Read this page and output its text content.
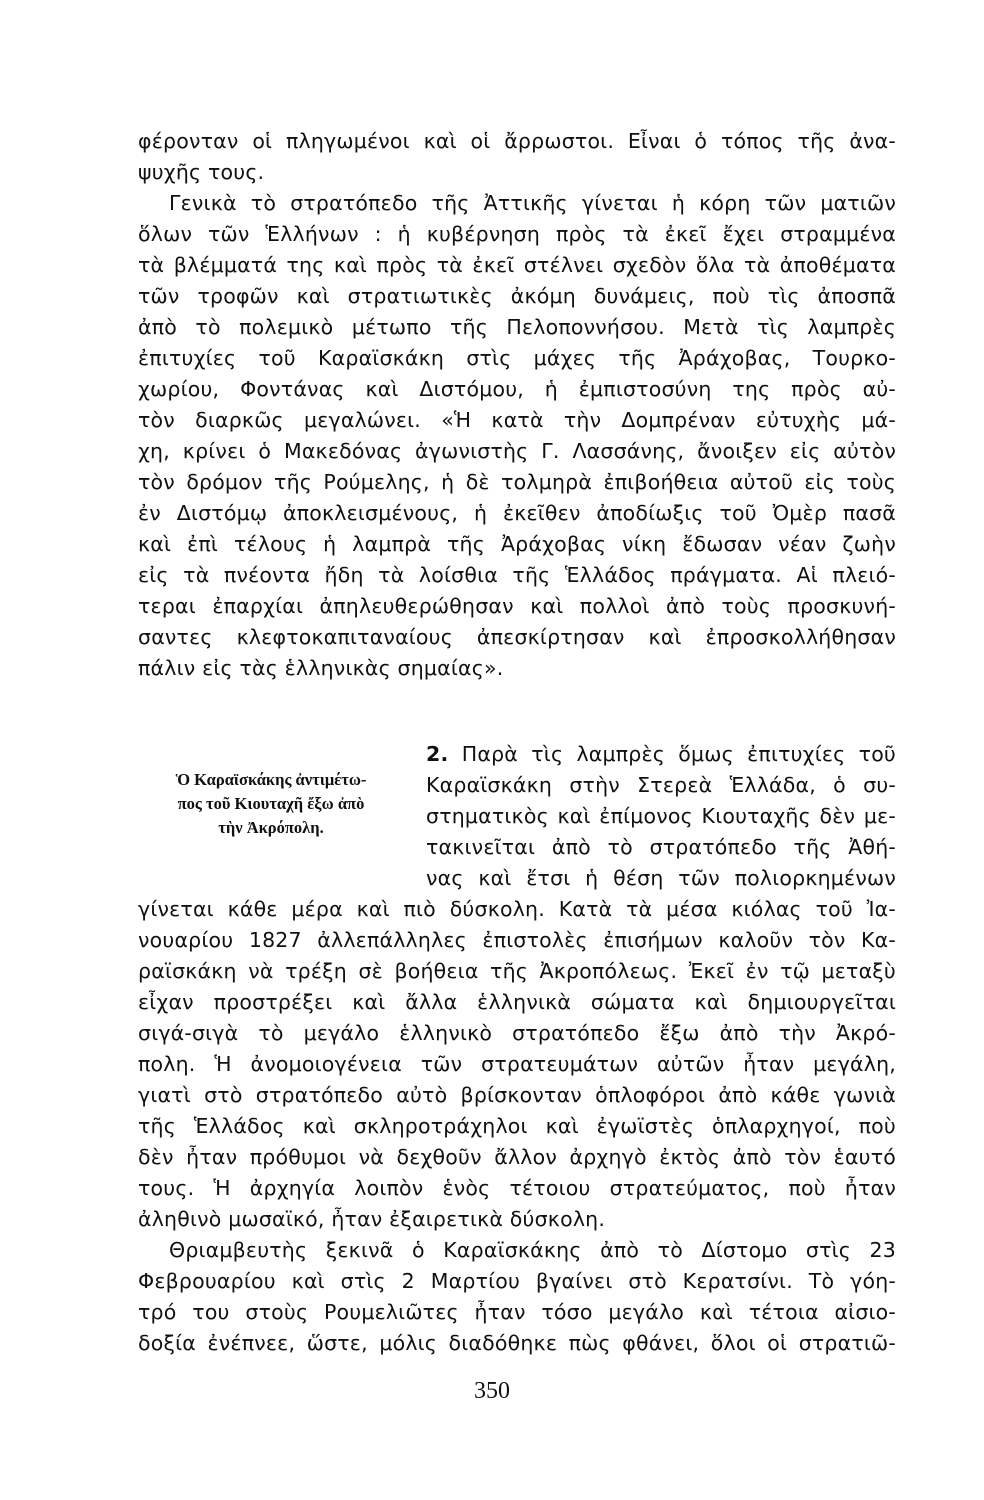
φέρονταν οἱ πληγωμένοι καὶ οἱ ἄρρωστοι. Εἶναι ὁ τόπος τῆς ἀνα-
ψυχῆς τους.
Γενικὰ τὸ στρατόπεδο τῆς Ἀττικῆς γίνεται ἡ κόρη τῶν ματιῶν
ὅλων τῶν Ἑλλήνων : ἡ κυβέρνηση πρὸς τὰ ἐκεῖ ἔχει στραμμένα
τὰ βλέμματά της καὶ πρὸς τὰ ἐκεῖ στέλνει σχεδὸν ὅλα τὰ ἀποθέματα
τῶν τροφῶν καὶ στρατιωτικὲς ἀκόμη δυνάμεις, ποὺ τὶς ἀποσπᾶ
ἀπὸ τὸ πολεμικὸ μέτωπο τῆς Πελοποννήσου. Μετὰ τὶς λαμπρὲς
ἐπιτυχίες τοῦ Καραϊσκάκη στὶς μάχες τῆς Ἀράχοβας, Τουρκο-
χωρίου, Φοντάνας καὶ Διστόμου, ἡ ἐμπιστοσύνη της πρὸς αὐ-
τὸν διαρκῶς μεγαλώνει. «Ἡ κατὰ τὴν Δομπρέναν εὐτυχὴς μά-
χη, κρίνει ὁ Μακεδόνας ἀγωνιστὴς Γ. Λασσάνης, ἄνοιξεν εἰς αὐτὸν
τὸν δρόμον τῆς Ρούμελης, ἡ δὲ τολμηρὰ ἐπιβοήθεια αὐτοῦ εἰς τοὺς
ἐν Διστόμῳ ἀποκλεισμένους, ἡ ἐκεῖθεν ἀποδίωξις τοῦ Ὀμὲρ πασᾶ
καὶ ἐπὶ τέλους ἡ λαμπρὰ τῆς Ἀράχοβας νίκη ἔδωσαν νέαν ζωὴν
εἰς τὰ πνέοντα ἤδη τὰ λοίσθια τῆς Ἑλλάδος πράγματα. Αἱ πλειό-
τεραι ἐπαρχίαι ἀπηλευθερώθησαν καὶ πολλοὶ ἀπὸ τοὺς προσκυνή-
σαντες κλεφτοκαπιταναίους ἀπεσκίρτησαν καὶ ἐπροσκολλήθησαν
πάλιν εἰς τὰς ἑλληνικὰς σημαίας».
Ὁ Καραϊσκάκης ἀντιμέτω-
πος τοῦ Κιουταχῆ ἔξω ἀπὸ
τὴν Ἀκρόπολη.
2. Παρὰ τὶς λαμπρὲς ὅμως ἐπιτυχίες τοῦ
Καραϊσκάκη στὴν Στερεὰ Ἑλλάδα, ὁ συ-
στηματικὸς καὶ ἐπίμονος Κιουταχῆς δὲν με-
τακινεῖται ἀπὸ τὸ στρατόπεδο τῆς Ἀθή-
νας καὶ ἔτσι ἡ θέση τῶν πολιορκημένων
γίνεται κάθε μέρα καὶ πιὸ δύσκολη. Κατὰ τὰ μέσα κιόλας τοῦ Ἰα-
νουαρίου 1827 ἀλλεπάλληλες ἐπιστολὲς ἐπισήμων καλοῦν τὸν Κα-
ραϊσκάκη νὰ τρέξη σὲ βοήθεια τῆς Ἀκροπόλεως. Ἐκεῖ ἐν τῷ μεταξὺ
εἶχαν προστρέξει καὶ ἄλλα ἑλληνικὰ σώματα καὶ δημιουργεῖται
σιγά-σιγὰ τὸ μεγάλο ἑλληνικὸ στρατόπεδο ἔξω ἀπὸ τὴν Ἀκρό-
πολη. Ἡ ἀνομοιογένεια τῶν στρατευμάτων αὐτῶν ἦταν μεγάλη,
γιατὶ στὸ στρατόπεδο αὐτὸ βρίσκονταν ὁπλοφόροι ἀπὸ κάθε γωνιὰ
τῆς Ἑλλάδος καὶ σκληροτράχηλοι καὶ ἐγωϊστὲς ὁπλαρχηγοί, ποὺ
δὲν ἦταν πρόθυμοι νὰ δεχθοῦν ἄλλον ἀρχηγὸ ἐκτὸς ἀπὸ τὸν ἑαυτό
τους. Ἡ ἀρχηγία λοιπὸν ἑνὸς τέτοιου στρατεύματος, ποὺ ἦταν
ἀληθινὸ μωσαϊκό, ἦταν ἐξαιρετικὰ δύσκολη.
Θριαμβευτὴς ξεκινᾶ ὁ Καραϊσκάκης ἀπὸ τὸ Δίστομο στὶς 23
Φεβρουαρίου καὶ στὶς 2 Μαρτίου βγαίνει στὸ Κερατσίνι. Τὸ γόη-
τρό του στοὺς Ρουμελιῶτες ἦταν τόσο μεγάλο καὶ τέτοια αἰσιο-
δοξία ἐνέπνεε, ὥστε, μόλις διαδόθηκε πὼς φθάνει, ὅλοι οἱ στρατιῶ-
350
